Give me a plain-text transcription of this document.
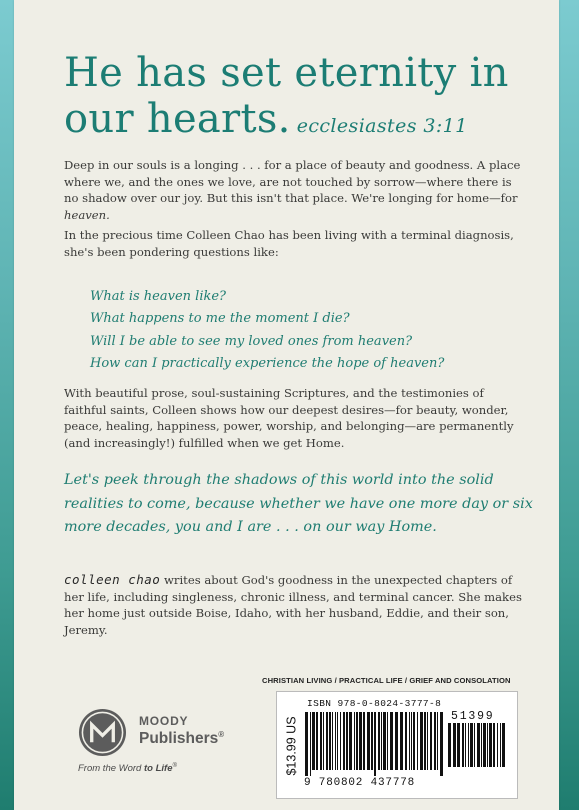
He has set eternity in our hearts. ecclesiastes 3:11
Deep in our souls is a longing . . . for a place of beauty and goodness. A place where we, and the ones we love, are not touched by sorrow—where there is no shadow over our joy. But this isn't that place. We're longing for home—for heaven.
In the precious time Colleen Chao has been living with a terminal diagnosis, she's been pondering questions like:
What is heaven like?
What happens to me the moment I die?
Will I be able to see my loved ones from heaven?
How can I practically experience the hope of heaven?
With beautiful prose, soul-sustaining Scriptures, and the testimonies of faithful saints, Colleen shows how our deepest desires—for beauty, wonder, peace, healing, happiness, power, worship, and belonging—are permanently (and increasingly!) fulfilled when we get Home.
Let's peek through the shadows of this world into the solid realities to come, because whether we have one more day or six more decades, you and I are . . . on our way Home.
colleen chao writes about God's goodness in the unexpected chapters of her life, including singleness, chronic illness, and terminal cancer. She makes her home just outside Boise, Idaho, with her husband, Eddie, and their son, Jeremy.
CHRISTIAN LIVING / PRACTICAL LIFE / GRIEF AND CONSOLATION
MOODY
Publishers®
From the Word to Life®	$13.99 US
ISBN 978-0-8024-3777-8
9 780802 437778
51399
